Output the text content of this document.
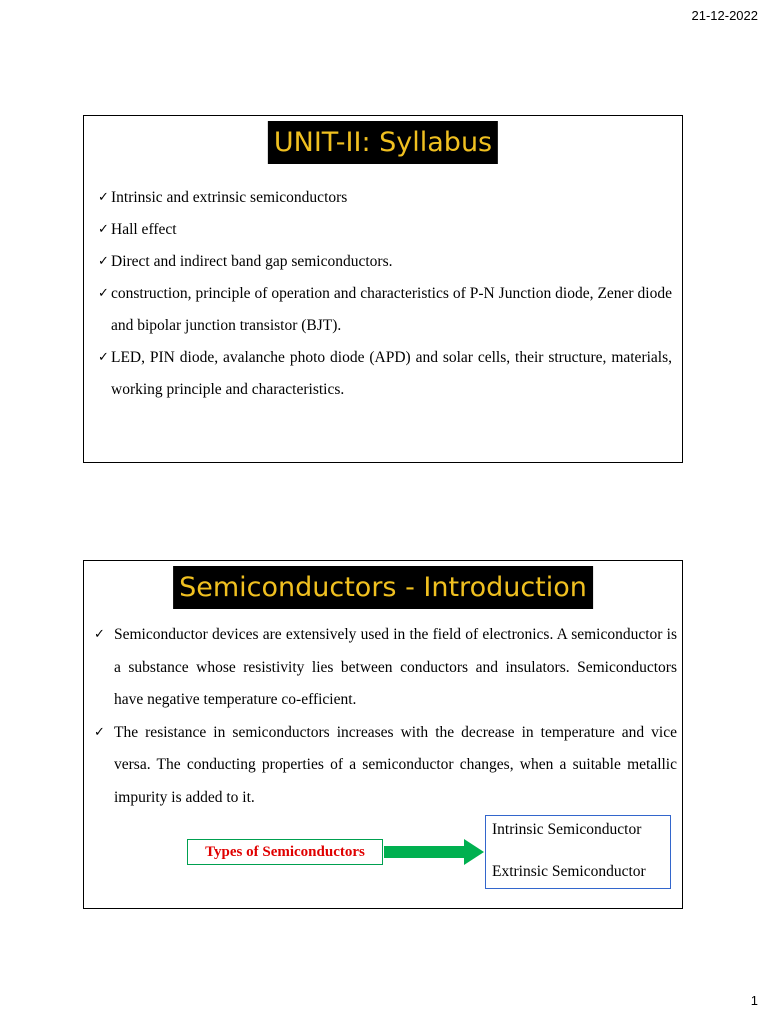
21-12-2022
UNIT-II: Syllabus
✓ Intrinsic and extrinsic semiconductors
✓ Hall effect
✓ Direct and indirect band gap semiconductors.
✓ construction, principle of operation and characteristics of P-N Junction diode, Zener diode and bipolar junction transistor (BJT).
✓ LED, PIN diode, avalanche photo diode (APD) and solar cells, their structure, materials, working principle and characteristics.
Semiconductors - Introduction
✓ Semiconductor devices are extensively used in the field of electronics. A semiconductor is a substance whose resistivity lies between conductors and insulators. Semiconductors have negative temperature co-efficient.
✓ The resistance in semiconductors increases with the decrease in temperature and vice versa. The conducting properties of a semiconductor changes, when a suitable metallic impurity is added to it.
Types of Semiconductors
Intrinsic Semiconductor
Extrinsic Semiconductor
1
